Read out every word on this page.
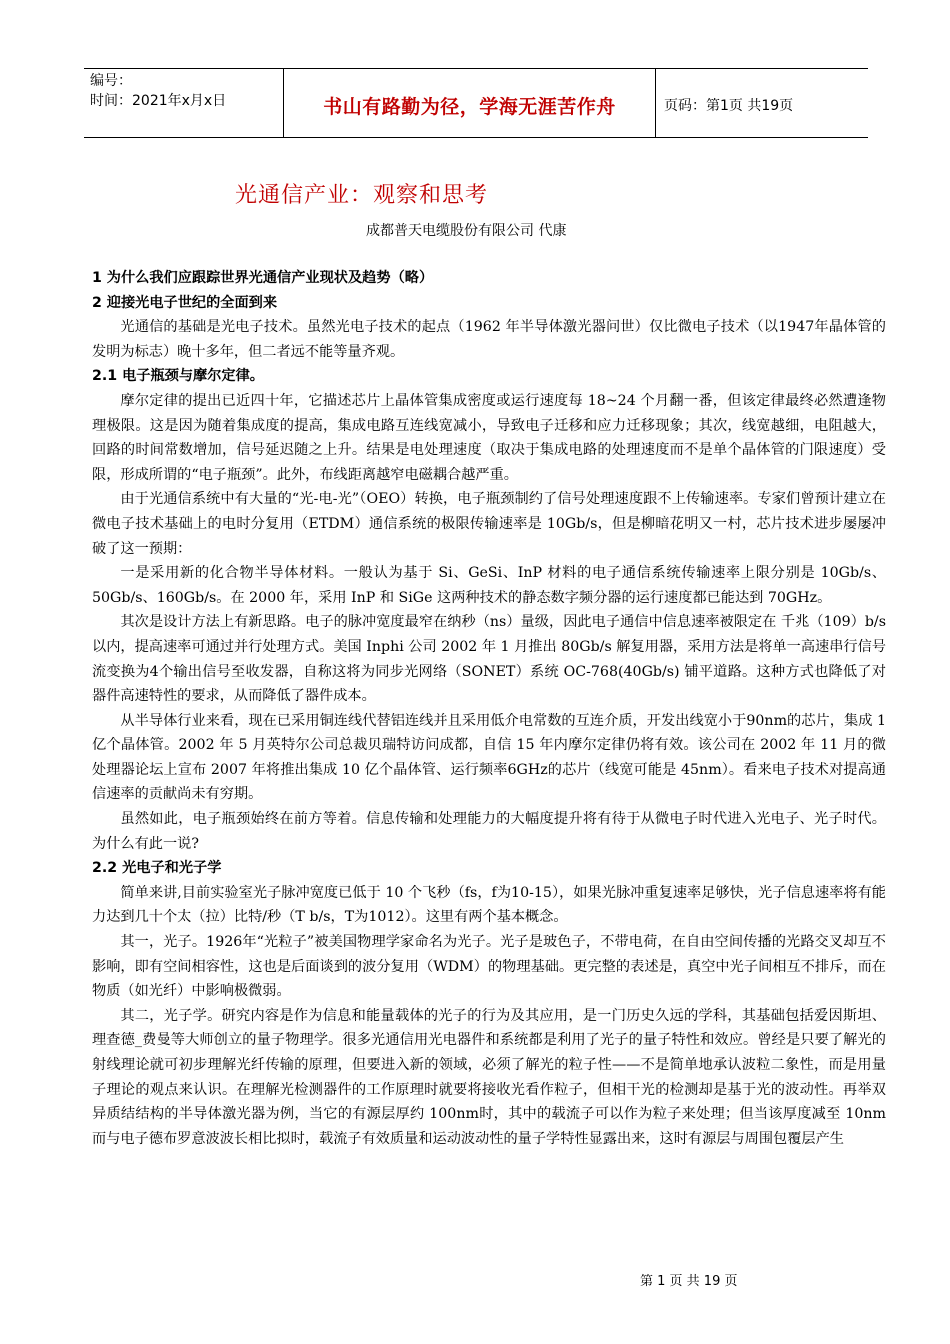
编号：
时间：2021年x月x日	书山有路勤为径，学海无涯苦作舟	页码：第1页 共19页
光通信产业：观察和思考
成都普天电缆股份有限公司 代康

1 为什么我们应跟踪世界光通信产业现状及趋势（略）

2 迎接光电子世纪的全面到来

光通信的基础是光电子技术。虽然光电子技术的起点（1962 年半导体激光器问世）仅比微电子技术（以1947年晶体管的发明为标志）晚十多年，但二者远不能等量齐观。

2.1 电子瓶颈与摩尔定律。

摩尔定律的提出已近四十年，它描述芯片上晶体管集成密度或运行速度每 18~24 个月翻一番，但该定律最终必然遭逢物理极限。这是因为随着集成度的提高，集成电路互连线宽减小，导致电子迁移和应力迁移现象；其次，线宽越细，电阻越大，回路的时间常数增加，信号延迟随之上升。结果是电处理速度（取决于集成电路的处理速度而不是单个晶体管的门限速度）受限，形成所谓的“电子瓶颈”。此外，布线距离越窄电磁耦合越严重。

由于光通信系统中有大量的“光-电-光”（OEO）转换，电子瓶颈制约了信号处理速度跟不上传输速率。专家们曾预计建立在微电子技术基础上的电时分复用（ETDM）通信系统的极限传输速率是 10Gb/s，但是柳暗花明又一村，芯片技术进步屡屡冲破了这一预期：

一是采用新的化合物半导体材料。一般认为基于 Si、GeSi、InP 材料的电子通信系统传输速率上限分别是 10Gb/s、50Gb/s、160Gb/s。在 2000 年，采用 InP 和 SiGe 这两种技术的静态数字频分器的运行速度都已能达到 70GHz。

其次是设计方法上有新思路。电子的脉冲宽度最窄在纳秒（ns）量级，因此电子通信中信息速率被限定在 千兆（109）b/s以内，提高速率可通过并行处理方式。美国 Inphi 公司 2002 年 1 月推出 80Gb/s 解复用器，采用方法是将单一高速串行信号流变换为4个输出信号至收发器，自称这将为同步光网络（SONET）系统 OC-768(40Gb/s) 铺平道路。这种方式也降低了对器件高速特性的要求，从而降低了器件成本。

从半导体行业来看，现在已采用铜连线代替铝连线并且采用低介电常数的互连介质，开发出线宽小于90nm的芯片，集成 1 亿个晶体管。2002 年 5 月英特尔公司总裁贝瑞特访问成都，自信 15 年内摩尔定律仍将有效。该公司在 2002 年 11 月的微处理器论坛上宣布 2007 年将推出集成 10 亿个晶体管、运行频率6GHz的芯片（线宽可能是 45nm）。看来电子技术对提高通信速率的贡献尚未有穷期。

虽然如此，电子瓶颈始终在前方等着。信息传输和处理能力的大幅度提升将有待于从微电子时代进入光电子、光子时代。为什么有此一说?

2.2 光电子和光子学

简单来讲,目前实验室光子脉冲宽度已低于 10 个飞秒（fs，f为10-15），如果光脉冲重复速率足够快，光子信息速率将有能力达到几十个太（拉）比特/秒（T b/s，T为1012）。这里有两个基本概念。

其一，光子。1926年“光粒子”被美国物理学家命名为光子。光子是玻色子，不带电荷，在自由空间传播的光路交叉却互不影响，即有空间相容性，这也是后面谈到的波分复用（WDM）的物理基础。更完整的表述是，真空中光子间相互不排斥，而在物质（如光纤）中影响极微弱。

其二，光子学。研究内容是作为信息和能量载体的光子的行为及其应用，是一门历史久远的学科，其基础包括爱因斯坦、理查德_费曼等大师创立的量子物理学。很多光通信用光电器件和系统都是利用了光子的量子特性和效应。曾经是只要了解光的射线理论就可初步理解光纤传输的原理，但要进入新的领域，必须了解光的粒子性——不是简单地承认波粒二象性，而是用量子理论的观点来认识。在理解光检测器件的工作原理时就要将接收光看作粒子，但相干光的检测却是基于光的波动性。再举双异质结结构的半导体激光器为例，当它的有源层厚约 100nm时，其中的载流子可以作为粒子来处理；但当该厚度减至 10nm而与电子德布罗意波波长相比拟时，载流子有效质量和运动波动性的量子学特性显露出来，这时有源层与周围包覆层产生

第 1 页 共 19 页
